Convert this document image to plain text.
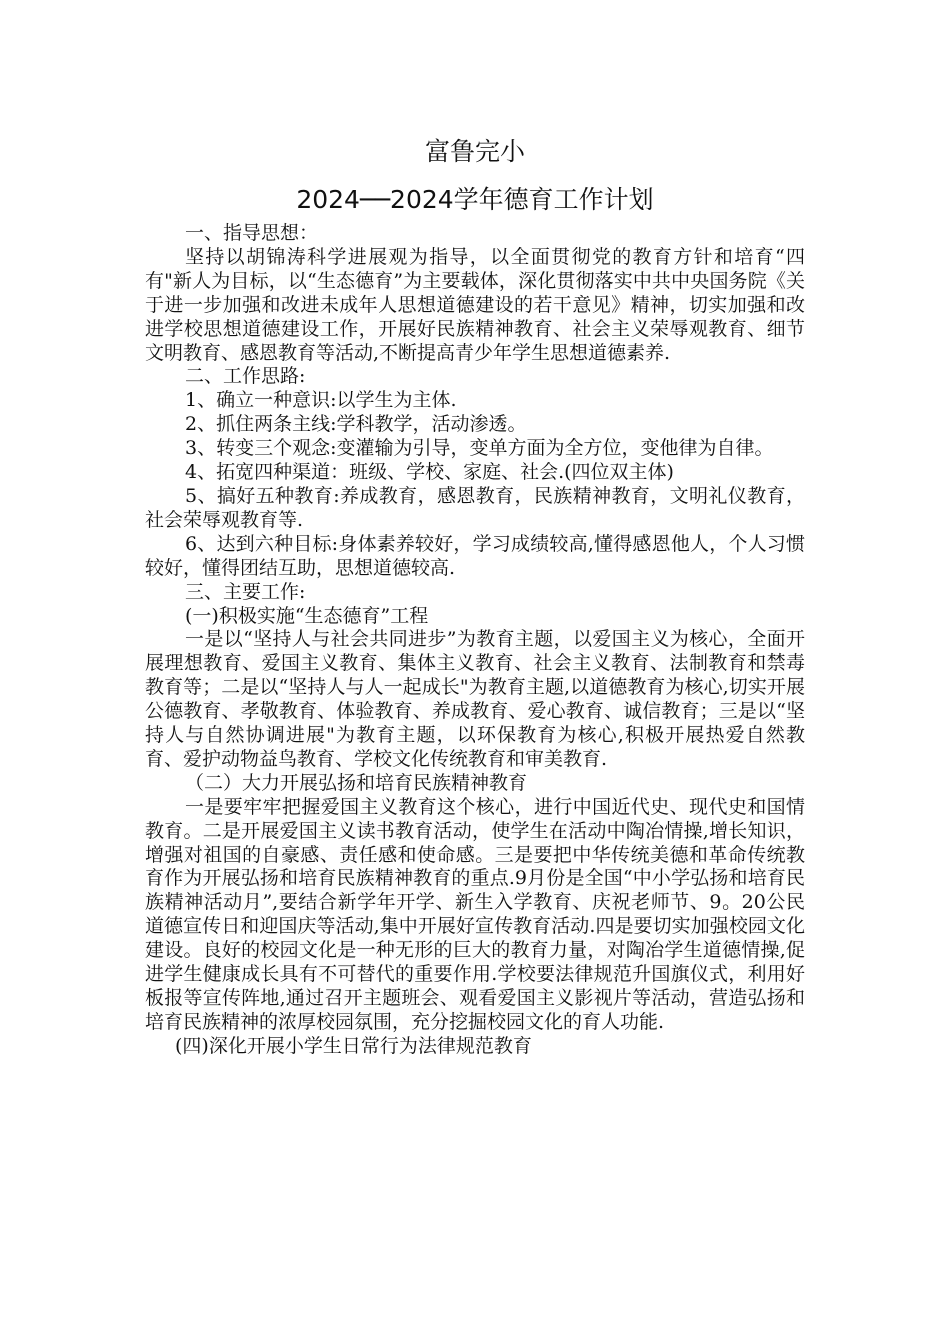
富鲁完小
2024──2024学年德育工作计划

一、指导思想：

坚持以胡锦涛科学进展观为指导，以全面贯彻党的教育方针和培育“四有"新人为目标，以“生态德育”为主要载体，深化贯彻落实中共中央国务院《关于进一步加强和改进未成年人思想道德建设的若干意见》精神，切实加强和改进学校思想道德建设工作，开展好民族精神教育、社会主义荣辱观教育、细节文明教育、感恩教育等活动,不断提高青少年学生思想道德素养.

二、工作思路:

1、确立一种意识:以学生为主体.

2、抓住两条主线:学科教学，活动渗透。

3、转变三个观念:变灌输为引导，变单方面为全方位，变他律为自律。

4、拓宽四种渠道：班级、学校、家庭、社会.(四位双主体)

5、搞好五种教育:养成教育，感恩教育，民族精神教育，文明礼仪教育，社会荣辱观教育等.

6、达到六种目标:身体素养较好，学习成绩较高,懂得感恩他人，个人习惯较好，懂得团结互助，思想道德较高.

三、主要工作:

(一)积极实施“生态德育”工程

一是以“坚持人与社会共同进步”为教育主题，以爱国主义为核心，全面开展理想教育、爱国主义教育、集体主义教育、社会主义教育、法制教育和禁毒教育等；二是以“坚持人与人一起成长"为教育主题,以道德教育为核心,切实开展公德教育、孝敬教育、体验教育、养成教育、爱心教育、诚信教育；三是以“坚持人与自然协调进展"为教育主题，以环保教育为核心,积极开展热爱自然教育、爱护动物益鸟教育、学校文化传统教育和审美教育.

（二）大力开展弘扬和培育民族精神教育

一是要牢牢把握爱国主义教育这个核心，进行中国近代史、现代史和国情教育。二是开展爱国主义读书教育活动，使学生在活动中陶冶情操,增长知识，增强对祖国的自豪感、责任感和使命感。三是要把中华传统美德和革命传统教育作为开展弘扬和培育民族精神教育的重点.9月份是全国“中小学弘扬和培育民族精神活动月”,要结合新学年开学、新生入学教育、庆祝老师节、9。20公民道德宣传日和迎国庆等活动,集中开展好宣传教育活动.四是要切实加强校园文化建设。良好的校园文化是一种无形的巨大的教育力量，对陶冶学生道德情操,促进学生健康成长具有不可替代的重要作用.学校要法律规范升国旗仪式，利用好板报等宣传阵地,通过召开主题班会、观看爱国主义影视片等活动，营造弘扬和培育民族精神的浓厚校园氛围，充分挖掘校园文化的育人功能.

(四)深化开展小学生日常行为法律规范教育
